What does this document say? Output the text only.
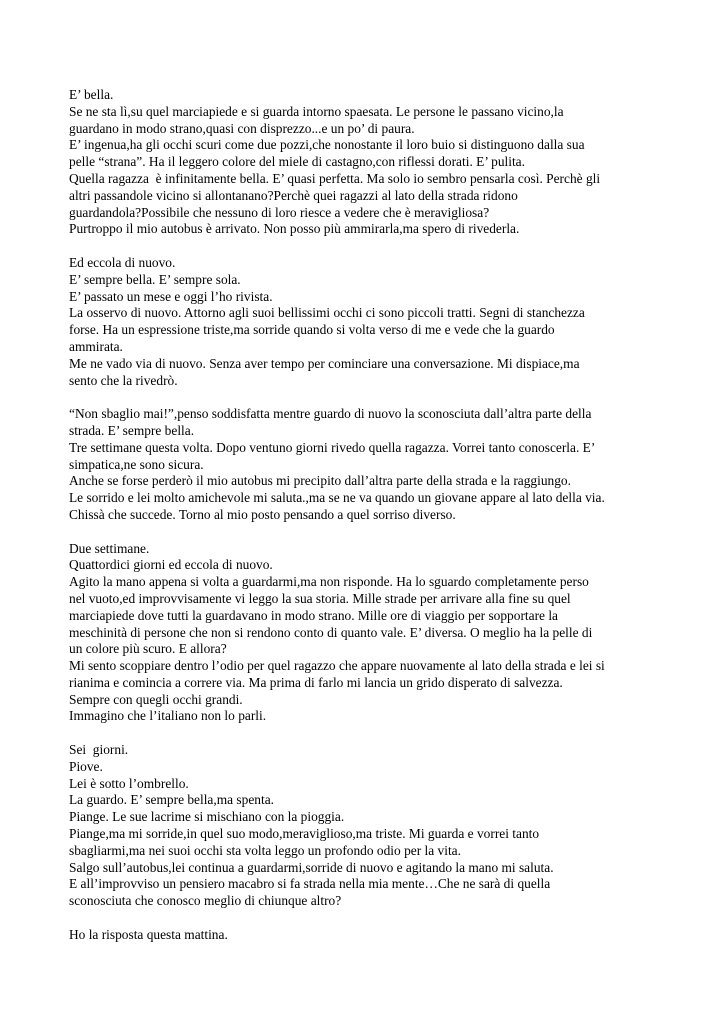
E’ bella.
Se ne sta lì,su quel marciapiede e si guarda intorno spaesata. Le persone le passano vicino,la
guardano in modo strano,quasi con disprezzo...e un po’ di paura.
E’ ingenua,ha gli occhi scuri come due pozzi,che nonostante il loro buio si distinguono dalla sua
pelle “strana”. Ha il leggero colore del miele di castagno,con riflessi dorati. E’ pulita.
Quella ragazza  è infinitamente bella. E’ quasi perfetta. Ma solo io sembro pensarla così. Perchè gli
altri passandole vicino si allontanano?Perchè quei ragazzi al lato della strada ridono
guardandola?Possibile che nessuno di loro riesce a vedere che è meravigliosa?
Purtroppo il mio autobus è arrivato. Non posso più ammirarla,ma spero di rivederla.
Ed eccola di nuovo.
E’ sempre bella. E’ sempre sola.
E’ passato un mese e oggi l’ho rivista.
La osservo di nuovo. Attorno agli suoi bellissimi occhi ci sono piccoli tratti. Segni di stanchezza
forse. Ha un espressione triste,ma sorride quando si volta verso di me e vede che la guardo
ammirata.
Me ne vado via di nuovo. Senza aver tempo per cominciare una conversazione. Mi dispiace,ma
sento che la rivedrò.
“Non sbaglio mai!”,penso soddisfatta mentre guardo di nuovo la sconosciuta dall’altra parte della
strada. E’ sempre bella.
Tre settimane questa volta. Dopo ventuno giorni rivedo quella ragazza. Vorrei tanto conoscerla. E’
simpatica,ne sono sicura.
Anche se forse perderò il mio autobus mi precipito dall’altra parte della strada e la raggiungo.
Le sorrido e lei molto amichevole mi saluta.,ma se ne va quando un giovane appare al lato della via.
Chissà che succede. Torno al mio posto pensando a quel sorriso diverso.
Due settimane.
Quattordici giorni ed eccola di nuovo.
Agito la mano appena si volta a guardarmi,ma non risponde. Ha lo sguardo completamente perso
nel vuoto,ed improvvisamente vi leggo la sua storia. Mille strade per arrivare alla fine su quel
marciapiede dove tutti la guardavano in modo strano. Mille ore di viaggio per sopportare la
meschinità di persone che non si rendono conto di quanto vale. E’ diversa. O meglio ha la pelle di
un colore più scuro. E allora?
Mi sento scoppiare dentro l’odio per quel ragazzo che appare nuovamente al lato della strada e lei si
rianima e comincia a correre via. Ma prima di farlo mi lancia un grido disperato di salvezza.
Sempre con quegli occhi grandi.
Immagino che l’italiano non lo parli.
Sei  giorni.
Piove.
Lei è sotto l’ombrello.
La guardo. E’ sempre bella,ma spenta.
Piange. Le sue lacrime si mischiano con la pioggia.
Piange,ma mi sorride,in quel suo modo,meraviglioso,ma triste. Mi guarda e vorrei tanto
sbagliarmi,ma nei suoi occhi sta volta leggo un profondo odio per la vita.
Salgo sull’autobus,lei continua a guardarmi,sorride di nuovo e agitando la mano mi saluta.
E all’improvviso un pensiero macabro si fa strada nella mia mente…Che ne sarà di quella
sconosciuta che conosco meglio di chiunque altro?
Ho la risposta questa mattina.
